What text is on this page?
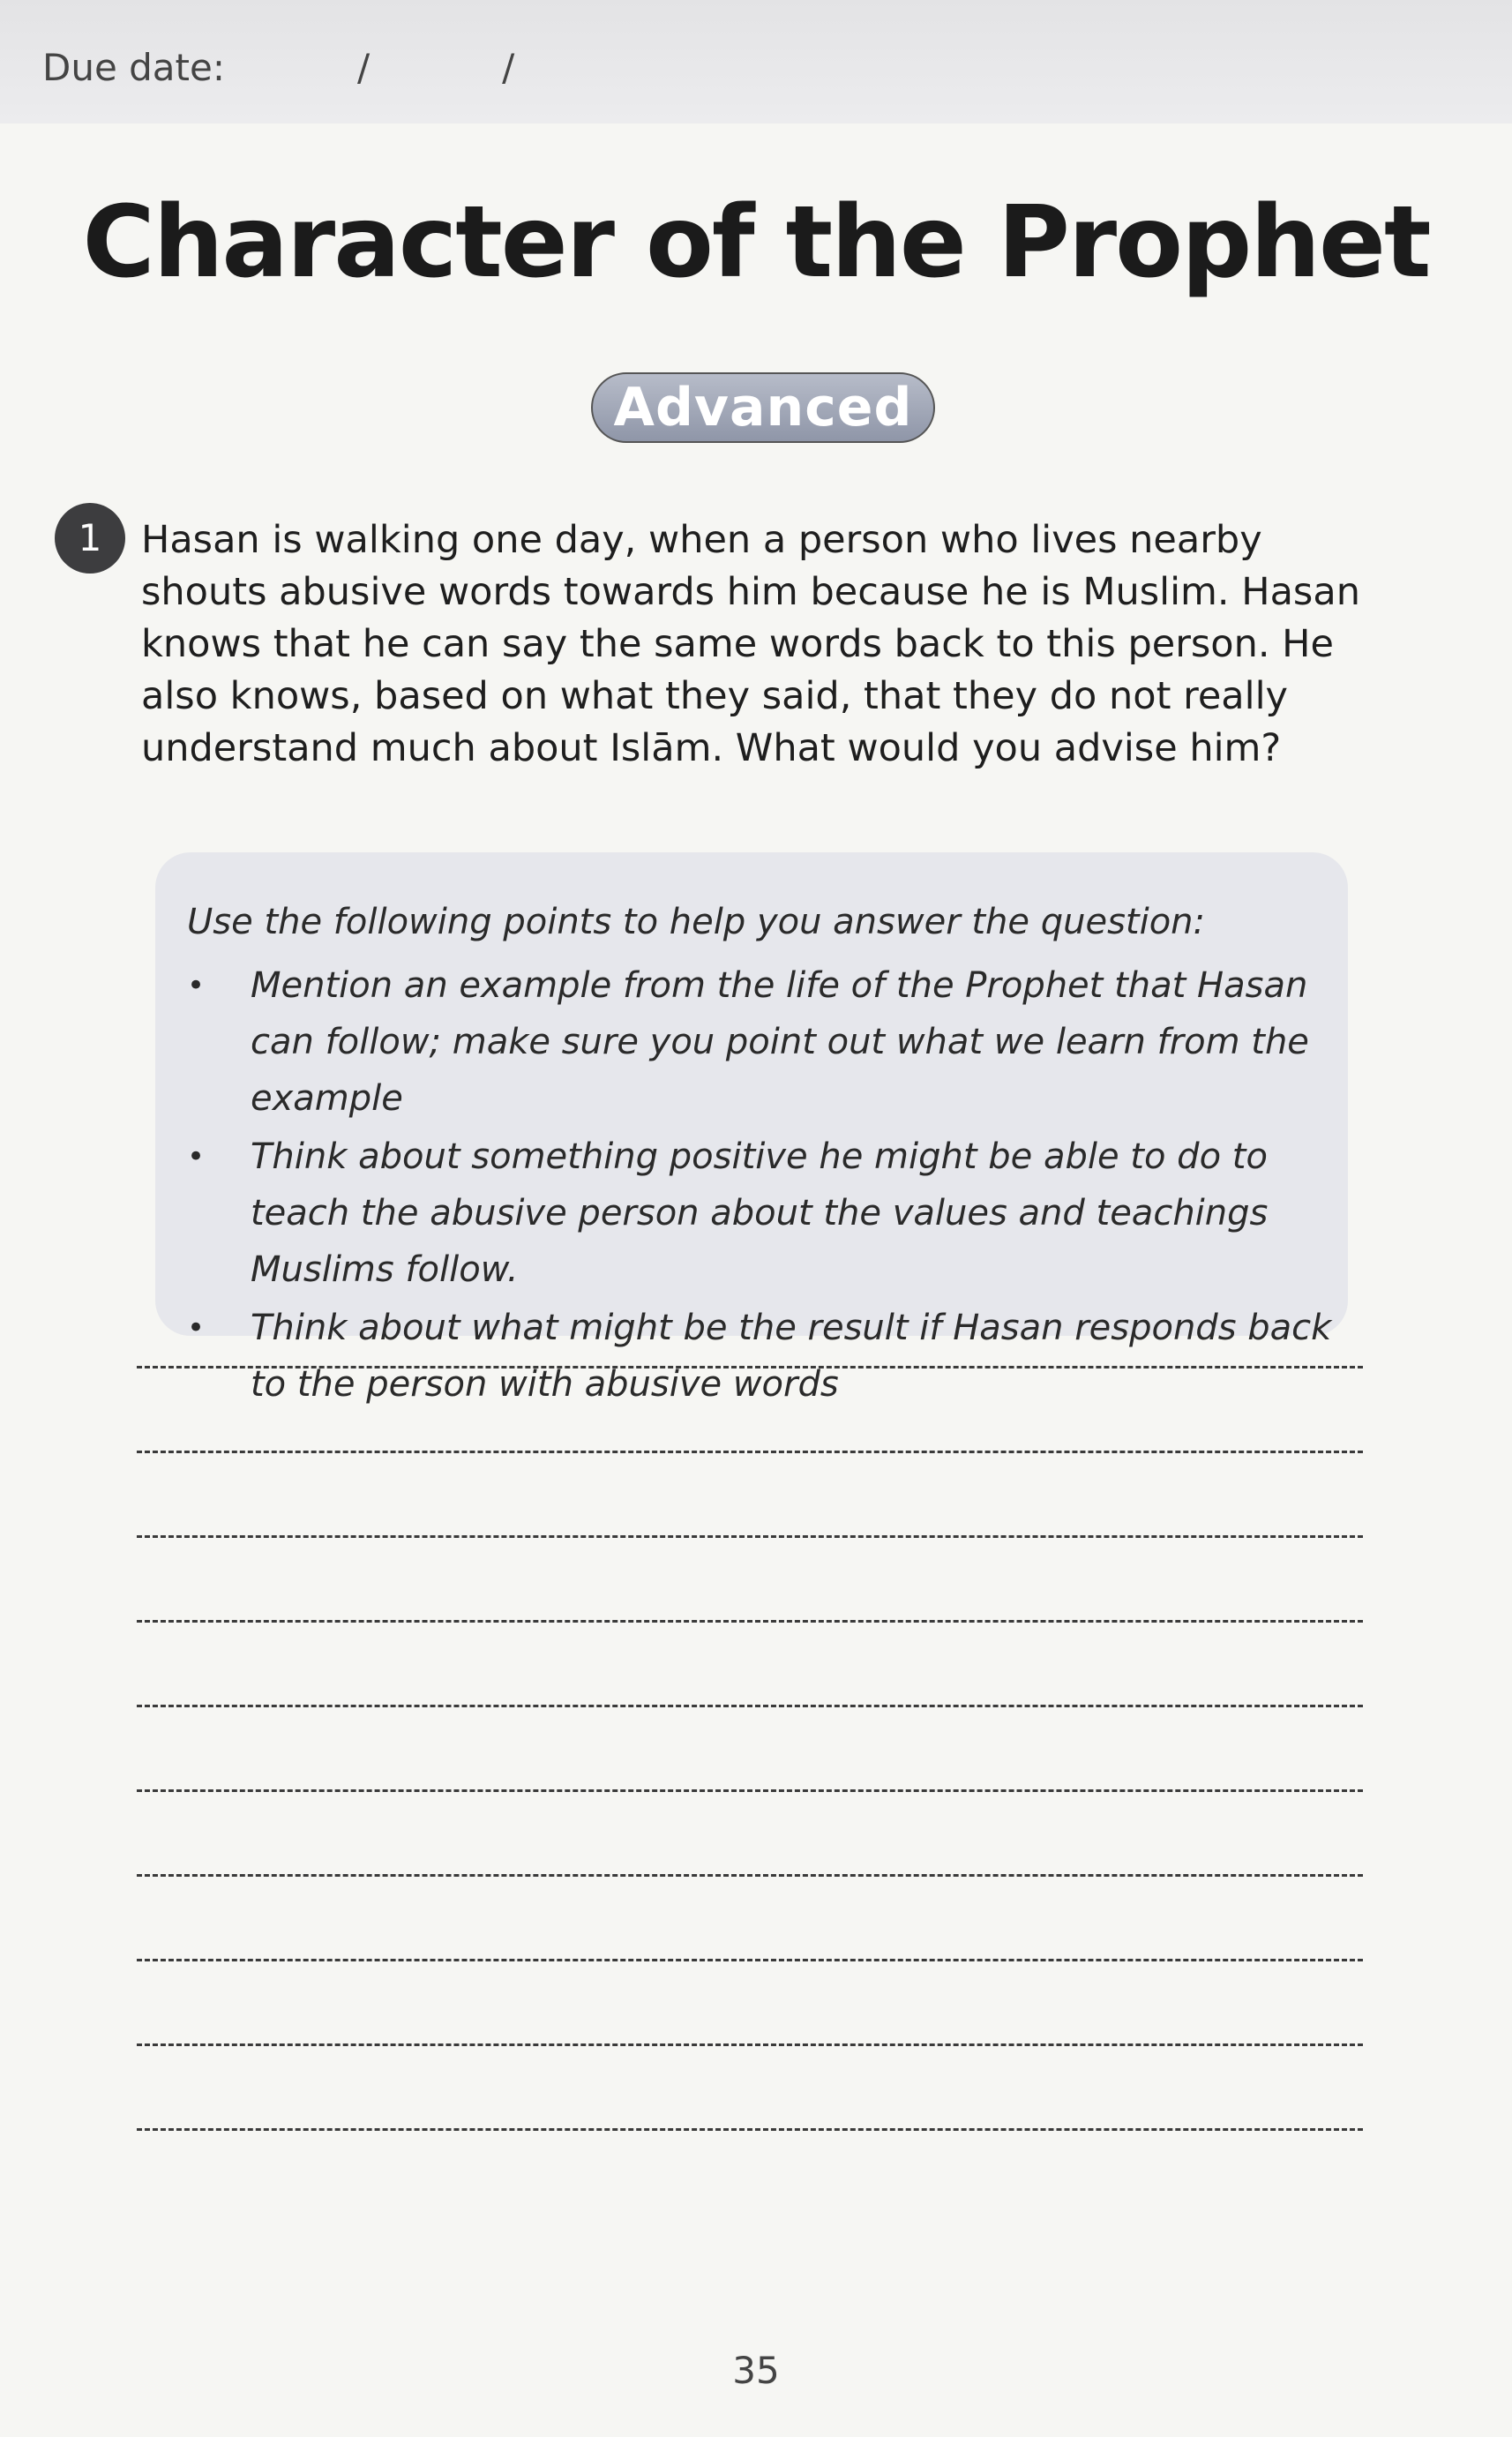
Due date:	/	/
Character of the Prophet
Advanced
1	Hasan is walking one day, when a person who lives nearby shouts abusive words towards him because he is Muslim. Hasan knows that he can say the same words back to this person. He also knows, based on what they said, that they do not really understand much about Islām. What would you advise him?
Use the following points to help you answer the question:
•	Mention an example from the life of the Prophet that Hasan can follow; make sure you point out what we learn from the example
•	Think about something positive he might be able to do to teach the abusive person about the values and teachings Muslims follow.
•	Think about what might be the result if Hasan responds back to the person with abusive words
35
